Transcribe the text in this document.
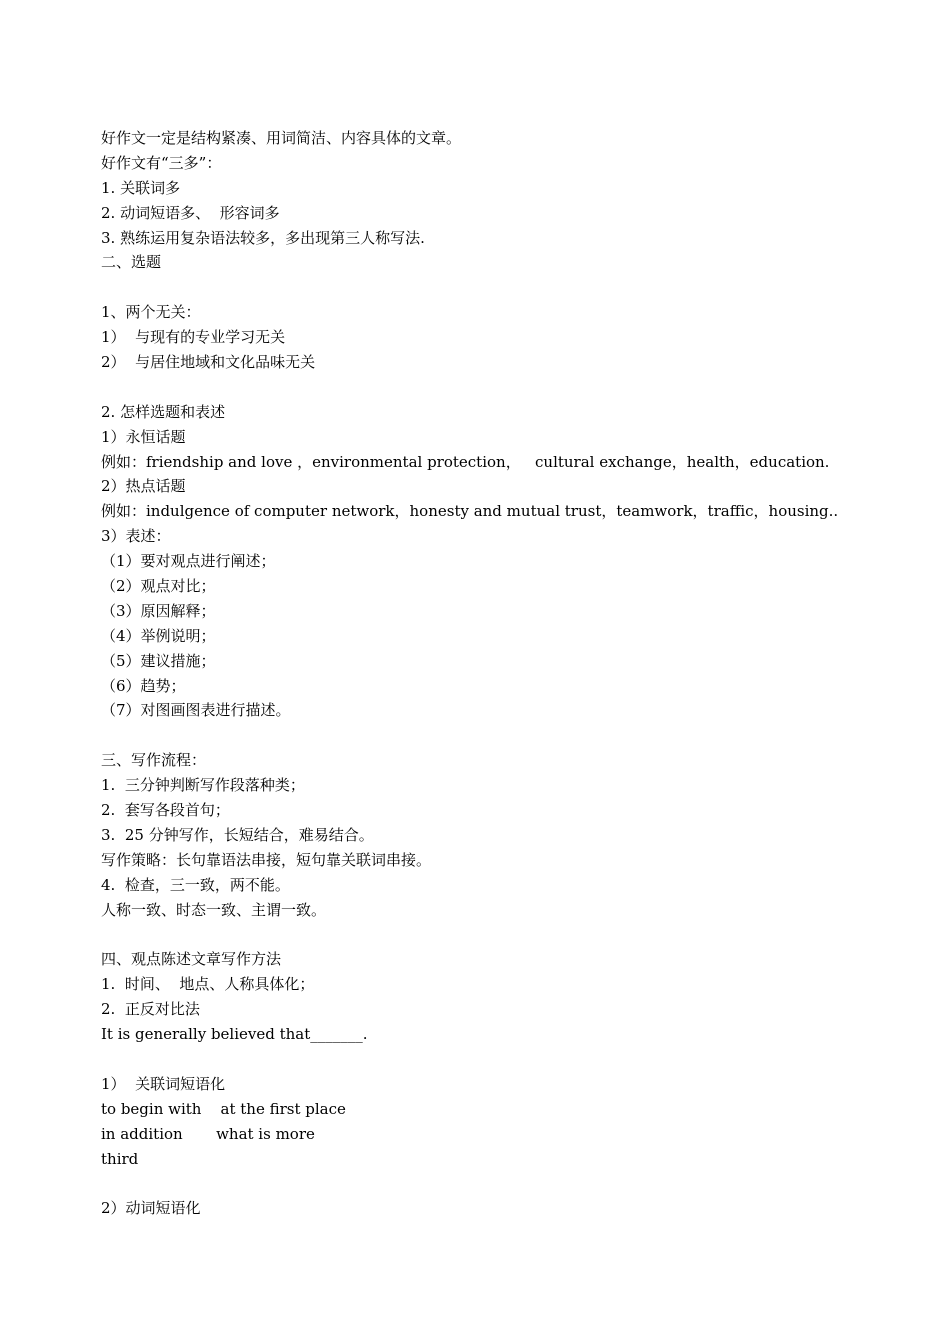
好作文一定是结构紧凑、用词简洁、内容具体的文章。
好作文有“三多”：
1. 关联词多
2. 动词短语多、  形容词多
3. 熟练运用复杂语法较多，多出现第三人称写法.
二、选题
1、两个无关：
1）  与现有的专业学习无关
2）  与居住地域和文化品味无关
2. 怎样选题和表述
1）永恒话题
例如：friendship and love ，environmental protection，   cultural exchange，health，education.
2）热点话题
例如：indulgence of computer network，honesty and mutual trust，teamwork，traffic，housing..
3）表述：
（1）要对观点进行阐述；
（2）观点对比；
（3）原因解释；
（4）举例说明；
（5）建议措施；
（6）趋势；
（7）对图画图表进行描述。
三、写作流程：
1.  三分钟判断写作段落种类；
2.  套写各段首句；
3.  25 分钟写作，长短结合，难易结合。
写作策略：长句靠语法串接，短句靠关联词串接。
4.  检查，三一致，两不能。
人称一致、时态一致、主谓一致。
四、观点陈述文章写作方法
1.  时间、  地点、人称具体化；
2.  正反对比法
It is generally believed that_______.
1）  关联词短语化
to begin with    at the first place
in addition       what is more
third
2）动词短语化
